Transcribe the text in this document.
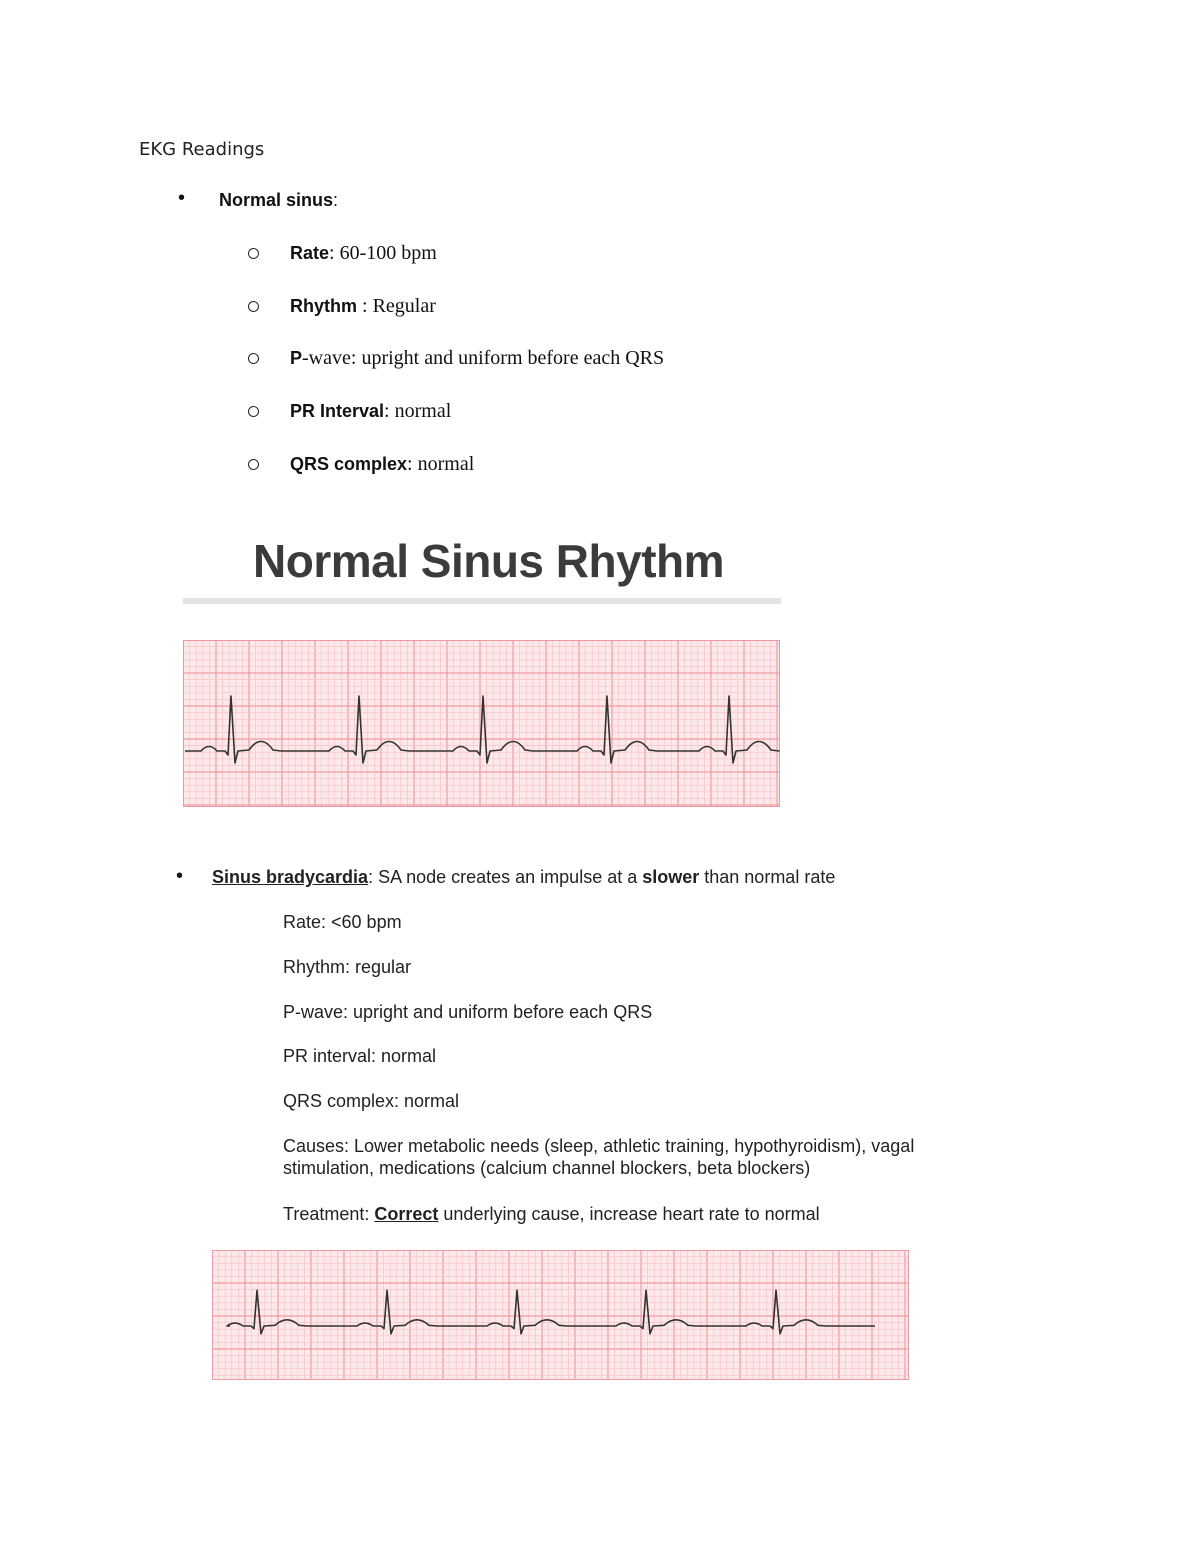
EKG Readings
• Normal sinus:
Rate: 60-100 bpm
Rhythm : Regular
P-wave: upright and uniform before each QRS
PR Interval: normal
QRS complex: normal
Normal Sinus Rhythm
• Sinus bradycardia: SA node creates an impulse at a slower than normal rate
Rate: <60 bpm
Rhythm: regular
P-wave: upright and uniform before each QRS
PR interval: normal
QRS complex: normal
Causes: Lower metabolic needs (sleep, athletic training, hypothyroidism), vagal
stimulation, medications (calcium channel blockers, beta blockers)
Treatment: Correct underlying cause, increase heart rate to normal
